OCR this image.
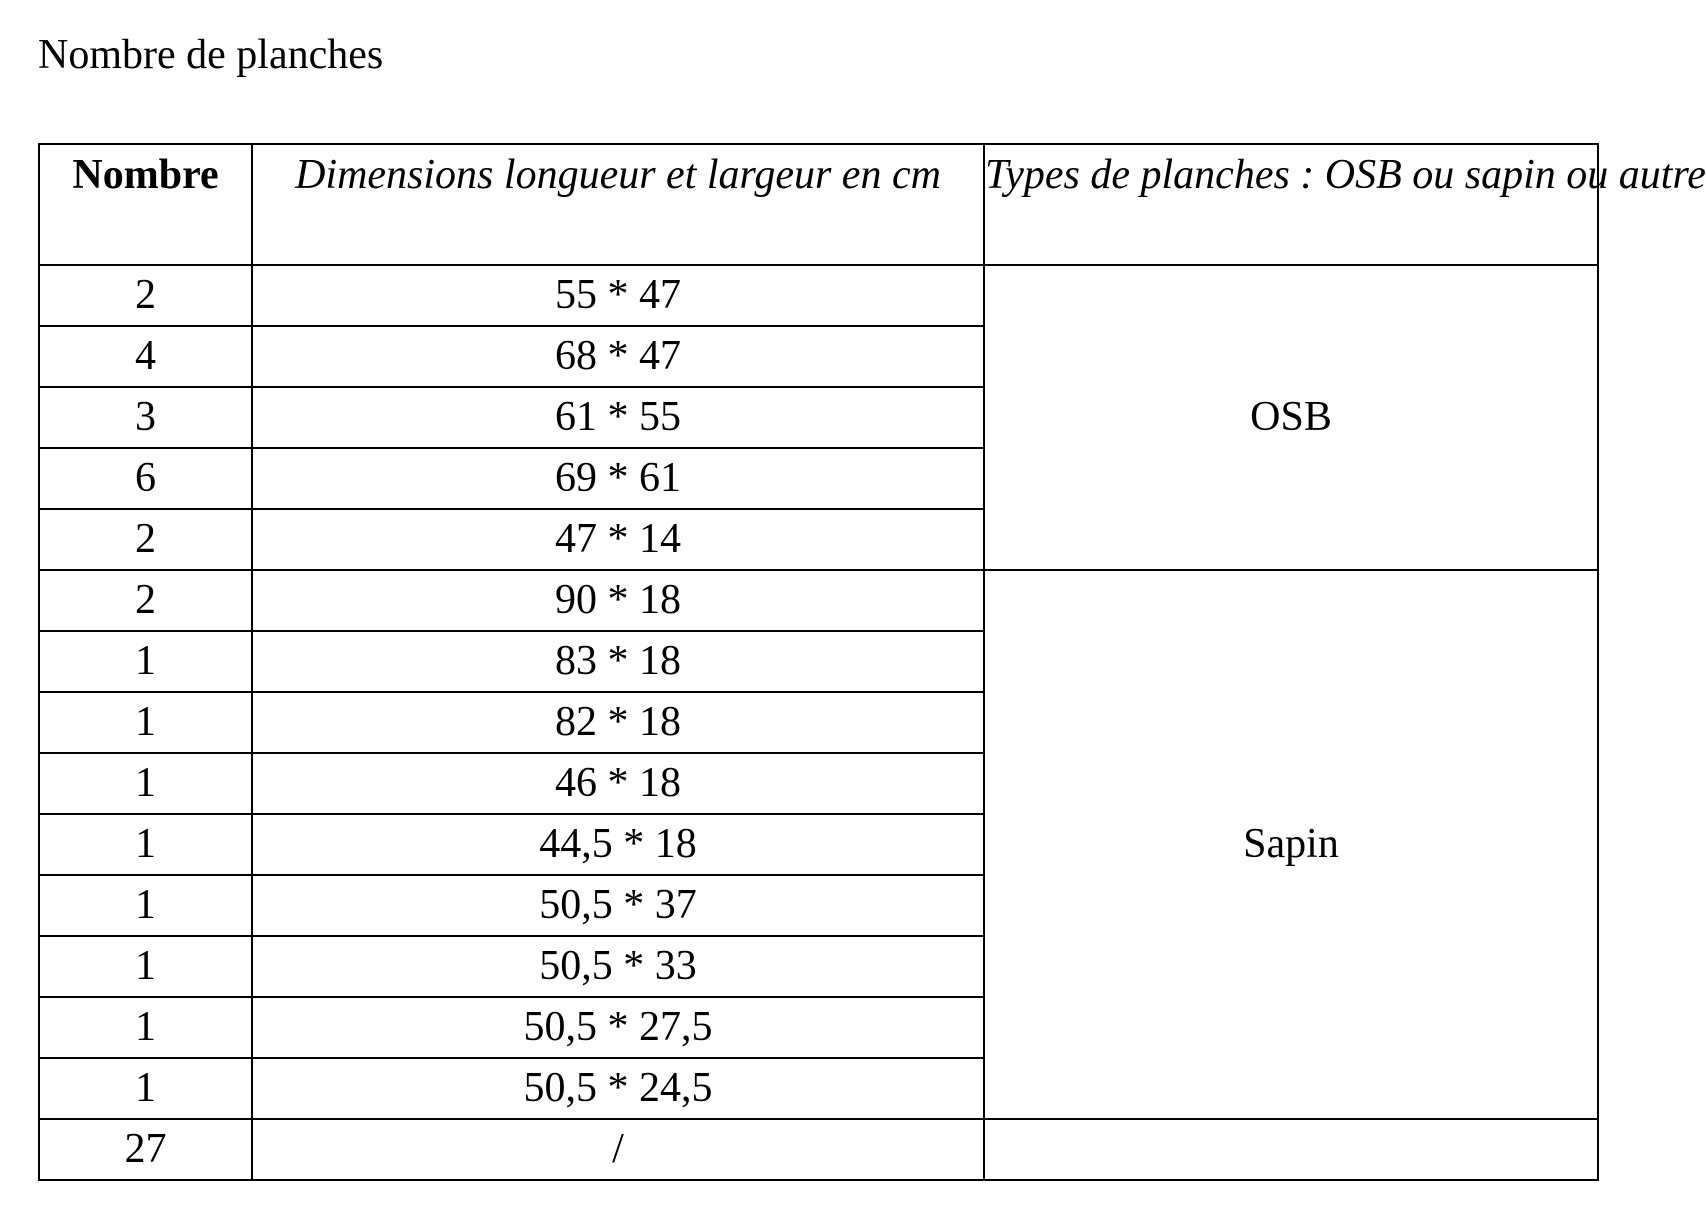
Nombre de planches
Nombre	Dimensions longueur et largeur en cm	Types de planches : OSB ou sapin ou autre
2	55 * 47	OSB
4	68 * 47	
3	61 * 55	
6	69 * 61	
2	47 * 14	
2	90 * 18	Sapin
1	83 * 18	
1	82 * 18	
1	46 * 18	
1	44,5 * 18	
1	50,5 * 37	
1	50,5 * 33	
1	50,5 * 27,5	
1	50,5 * 24,5	
27	/	
